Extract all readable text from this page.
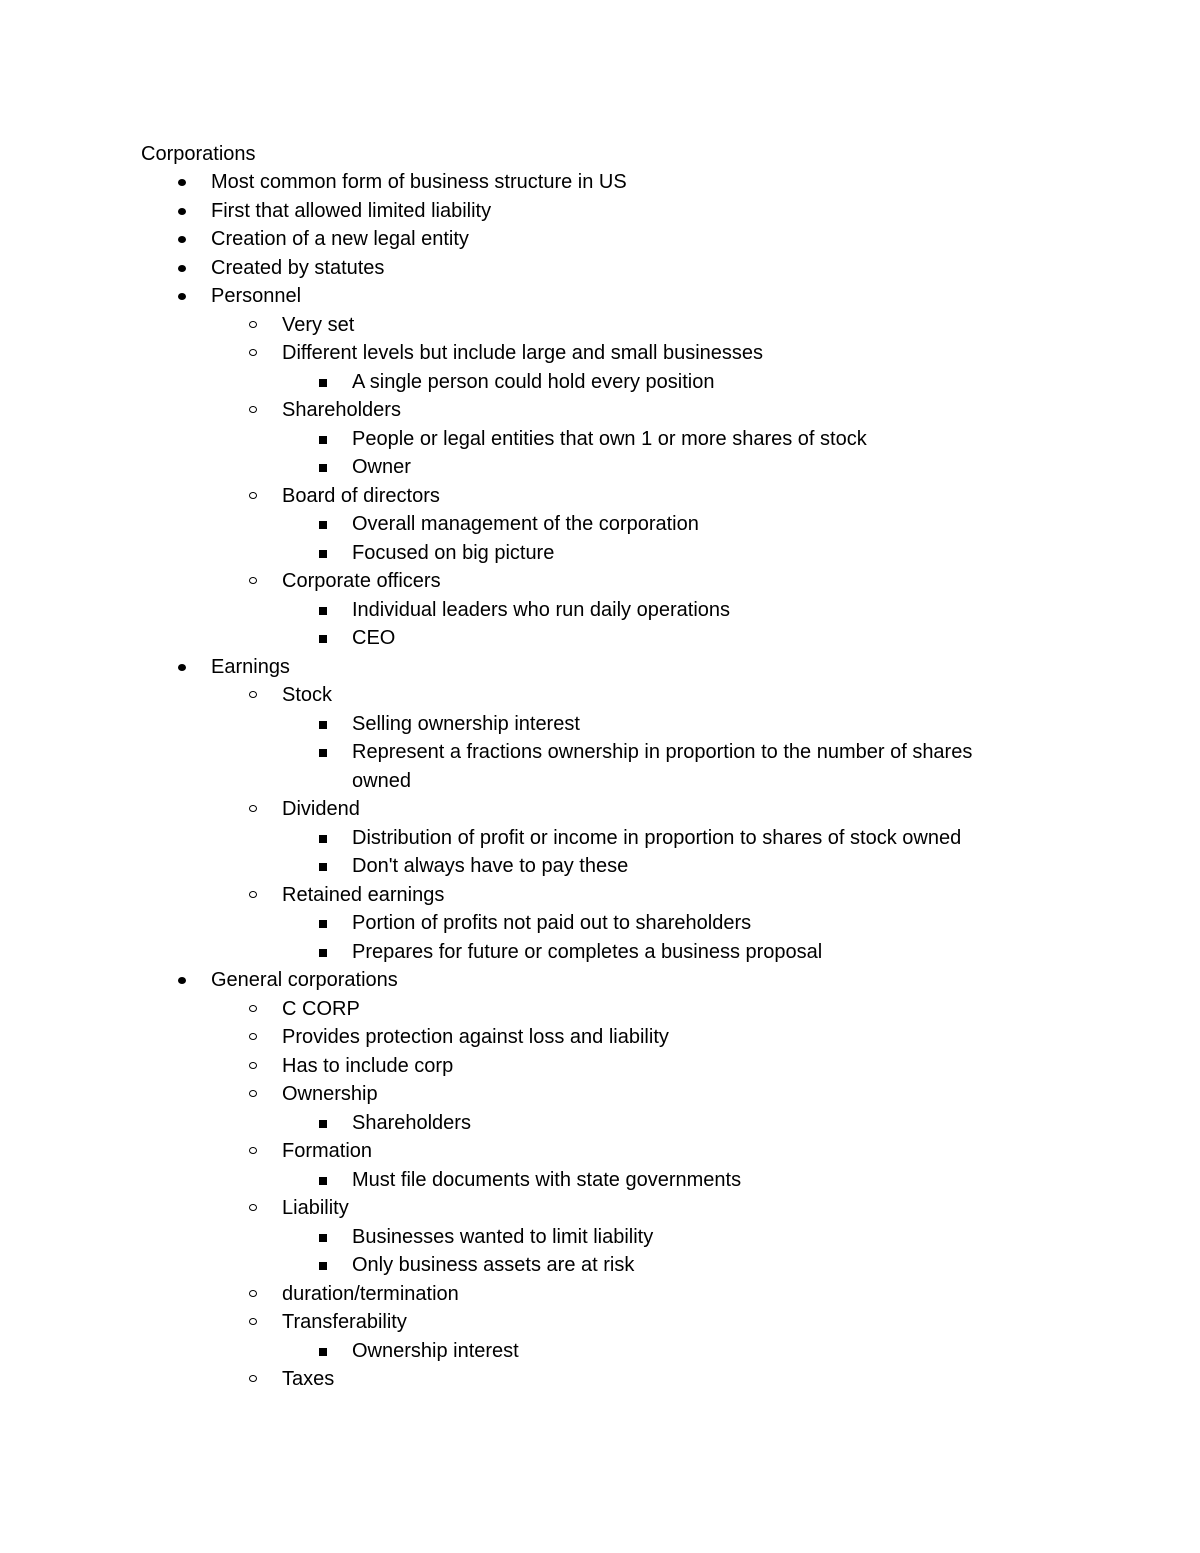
Corporations
Most common form of business structure in US
First that allowed limited liability
Creation of a new legal entity
Created by statutes
Personnel
Very set
Different levels but include large and small businesses
A single person could hold every position
Shareholders
People or legal entities that own 1 or more shares of stock
Owner
Board of directors
Overall management of the corporation
Focused on big picture
Corporate officers
Individual leaders who run daily operations
CEO
Earnings
Stock
Selling ownership interest
Represent a fractions ownership in proportion to the number of shares
owned
Dividend
Distribution of profit or income in proportion to shares of stock owned
Don't always have to pay these
Retained earnings
Portion of profits not paid out to shareholders
Prepares for future or completes a business proposal
General corporations
C CORP
Provides protection against loss and liability
Has to include corp
Ownership
Shareholders
Formation
Must file documents with state governments
Liability
Businesses wanted to limit liability
Only business assets are at risk
duration/termination
Transferability
Ownership interest
Taxes
